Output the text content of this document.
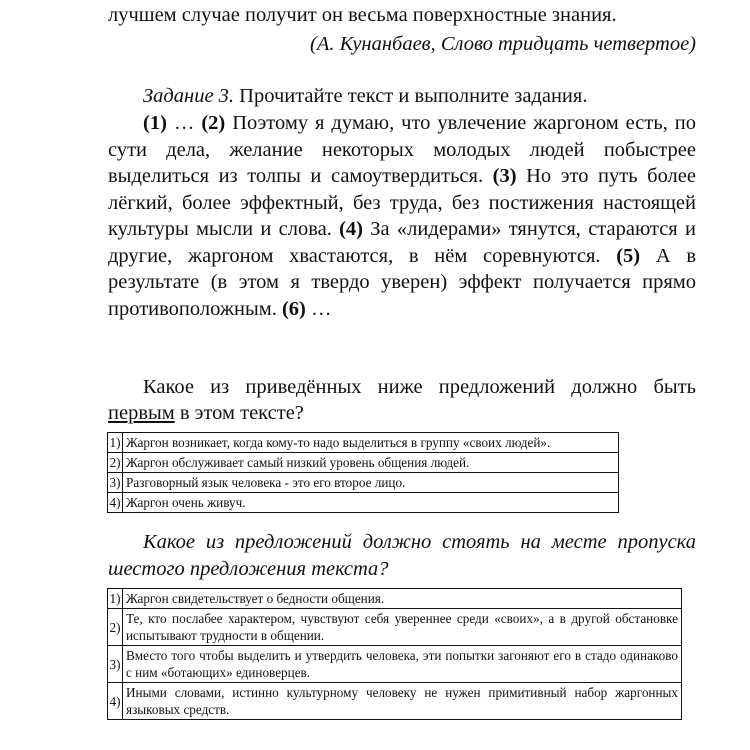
лучшем случае получит он весьма поверхностные знания.
(А. Кунанбаев, Слово тридцать четвертое)
Задание 3. Прочитайте текст и выполните задания.
(1) … (2) Поэтому я думаю, что увлечение жаргоном есть, по сути дела, желание некоторых молодых людей побыстрее выделиться из толпы и самоутвердиться. (3) Но это путь более лёгкий, более эффектный, без труда, без постижения настоящей культуры мысли и слова. (4) За «лидерами» тянутся, стараются и другие, жаргоном хвастаются, в нём соревнуются. (5) А в результате (в этом я твердо уверен) эффект получается прямо противоположным. (6) …
Какое из приведённых ниже предложений должно быть
первым в этом тексте?
1)	Жаргон возникает, когда кому-то надо выделиться в группу «своих людей».
2)	Жаргон обслуживает самый низкий уровень общения людей.
3)	Разговорный язык человека - это его второе лицо.
4)	Жаргон очень живуч.
Какое из предложений должно стоять на месте пропуска шестого предложения текста?
1)	Жаргон свидетельствует о бедности общения.
2)	Те, кто послабее характером, чувствуют себя увереннее среди «своих», а в другой обстановке испытывают трудности в общении.
3)	Вместо того чтобы выделить и утвердить человека, эти попытки загоняют его в стадо одинаково с ним «ботающих» единоверцев.
4)	Иными словами, истинно культурному человеку не нужен примитивный набор жаргонных языковых средств.
